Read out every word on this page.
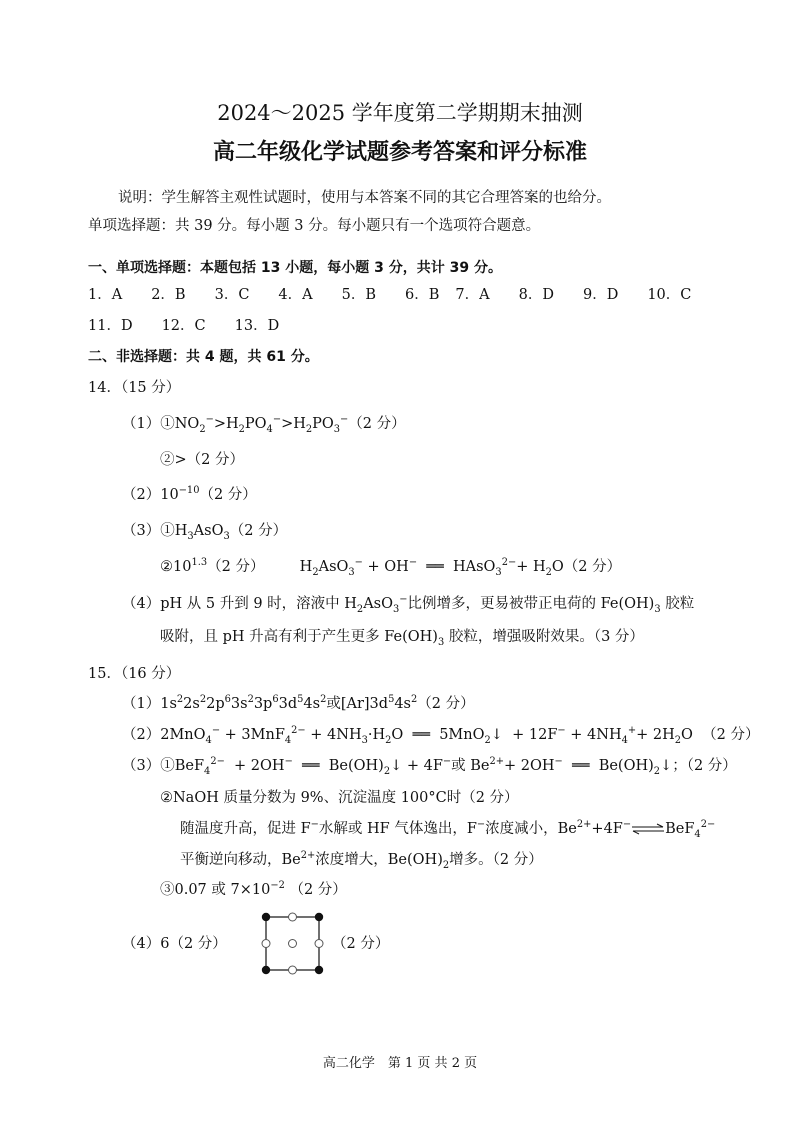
2024～2025 学年度第二学期期末抽测
高二年级化学试题参考答案和评分标准
说明：学生解答主观性试题时，使用与本答案不同的其它合理答案的也给分。
单项选择题：共 39 分。每小题 3 分。每小题只有一个选项符合题意。
一、单项选择题：本题包括 13 小题，每小题 3 分，共计 39 分。
1．A 2．B 3．C 4．A 5．B 6．B 7．A 8．D 9．D 10．C
11．D 12．C 13．D
二、非选择题：共 4 题，共 61 分。
14．（15 分）
$(1)①NO_2^->H_2PO_4^->H_2PO_3^-(2$ 分）
②>（2 分）
$(2)10^{-10}(2$ 分）
$(3)①H_3AsO_3(2$ 分）
$②10^{1.3}(2$ 分） $H_2AsO_3^- + OH^-$  ══  HAsO$_3^{2-}$+ $H_2O(2$ 分）
（4）pH 从 5 升到 9 时，溶液中 $H_2AsO_3^-$比例增多，更易被带正电荷的 $Fe(OH)_3$ 胶粒
吸附，且 pH 升高有利于产生更多 $Fe(OH)_3$ 胶粒，增强吸附效果。（3 分）
15．（16 分）
$(1)1s^22s^22p^63s^23p^63d^54s^2$或$[Ar]3d^54s^2(2$ 分）
$(2)2MnO_4^- + 3MnF_4^{2-} + 4NH_3\cdot H_2O$  ══  5MnO$_2$↓  + $12F^- + 4NH_4^++ 2H_2O$  （2 分）
（3）①BeF$_4^{2-}$  + 2OH−  ══  $Be(OH)_2↓ + 4F^-$或 $Be^{2+}+ 2OH^-$  ══  $Be(OH)_2↓$；（2 分）
②NaOH 质量分数为 9%、沉淀温度 100°C时（2 分）
随温度升高，促进 F−水解或 HF 气体逸出，F−浓度减小，$Be^{2+}+4F^-\rightleftharpoons BeF_4^{2-}$
平衡逆向移动，$Be^{2+}$浓度增大，$Be(OH)_2$增多。（2 分）
③0.07 或 $7\times 10^{-2}$ （2 分）
（4）6（2 分）	（2 分）
高二化学　第 1 页 共 2 页
